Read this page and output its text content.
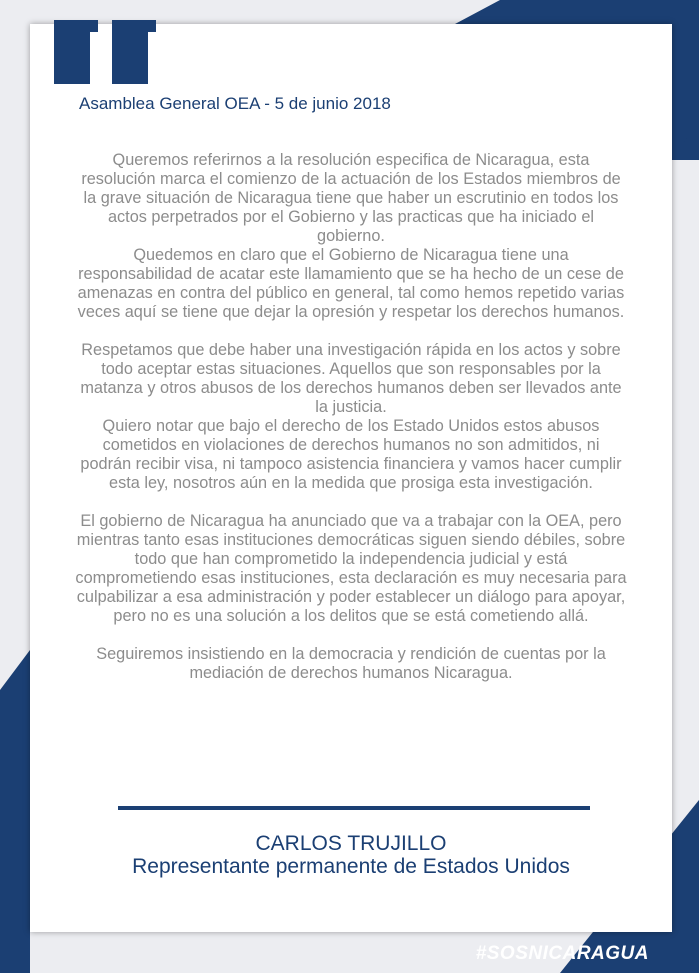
Asamblea General OEA - 5 de junio 2018

Queremos referirnos a la resolución especifica de Nicaragua, esta resolución marca el comienzo de la actuación de los Estados miembros de la grave situación de Nicaragua tiene que haber un escrutinio en todos los actos perpetrados por el Gobierno y las practicas que ha iniciado el gobierno.

Quedemos en claro que el Gobierno de Nicaragua tiene una responsabilidad de acatar este llamamiento que se ha hecho de un cese de amenazas en contra del público en general, tal como hemos repetido varias veces aquí se tiene que dejar la opresión y respetar los derechos humanos.

Respetamos que debe haber una investigación rápida en los actos y sobre todo aceptar estas situaciones. Aquellos que son responsables por la matanza y otros abusos de los derechos humanos deben ser llevados ante la justicia.

Quiero notar que bajo el derecho de los Estado Unidos estos abusos cometidos en violaciones de derechos humanos no son admitidos, ni podrán recibir visa, ni tampoco asistencia financiera y vamos hacer cumplir esta ley, nosotros aún en la medida que prosiga esta investigación.

El gobierno de Nicaragua ha anunciado que va a trabajar con la OEA, pero mientras tanto esas instituciones democráticas siguen siendo débiles, sobre todo que han comprometido la independencia judicial y está comprometiendo esas instituciones, esta declaración es muy necesaria para culpabilizar a esa administración y poder establecer un diálogo para apoyar, pero no es una solución a los delitos que se está cometiendo allá.

Seguiremos insistiendo en la democracia y rendición de cuentas por la mediación de derechos humanos Nicaragua.

CARLOS TRUJILLO
Representante permanente de Estados Unidos
#SOSNICARAGUA
